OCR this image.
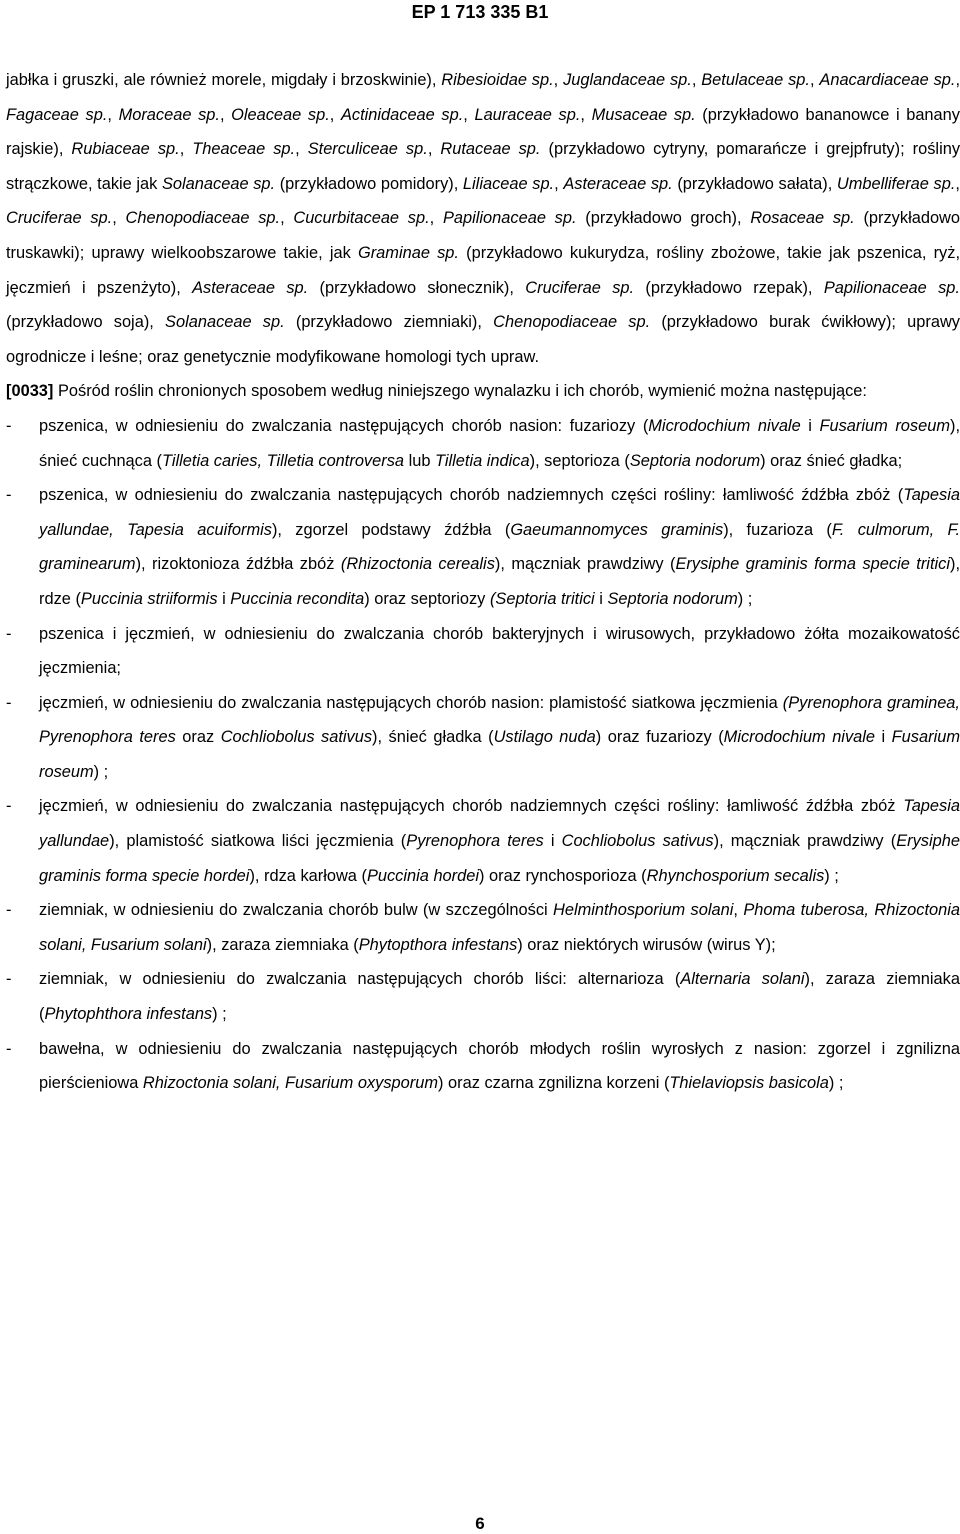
EP 1 713 335 B1

jabłka i gruszki, ale również morele, migdały i brzoskwinie), Ribesioidae sp., Juglandaceae sp., Betulaceae sp., Anacardiaceae sp., Fagaceae sp., Moraceae sp., Oleaceae sp., Actinidaceae sp., Lauraceae sp., Musaceae sp. (przykładowo bananowce i banany rajskie), Rubiaceae sp., Theaceae sp., Sterculiceae sp., Rutaceae sp. (przykładowo cytryny, pomarańcze i grejpfruty); rośliny strączkowe, takie jak Solanaceae sp. (przykładowo pomidory), Liliaceae sp., Asteraceae sp. (przykładowo sałata), Umbelliferae sp., Cruciferae sp., Chenopodiaceae sp., Cucurbitaceae sp., Papilionaceae sp. (przykładowo groch), Rosaceae sp. (przykładowo truskawki); uprawy wielkoobszarowe takie, jak Graminae sp. (przykładowo kukurydza, rośliny zbożowe, takie jak pszenica, ryż, jęczmień i pszenżyto), Asteraceae sp. (przykładowo słonecznik), Cruciferae sp. (przykładowo rzepak), Papilionaceae sp. (przykładowo soja), Solanaceae sp. (przykładowo ziemniaki), Chenopodiaceae sp. (przykładowo burak ćwikłowy); uprawy ogrodnicze i leśne; oraz genetycznie modyfikowane homologi tych upraw.

[0033] Pośród roślin chronionych sposobem według niniejszego wynalazku i ich chorób, wymienić można następujące:

-	pszenica, w odniesieniu do zwalczania następujących chorób nasion: fuzariozy (Microdochium nivale i Fusarium roseum), śnieć cuchnąca (Tilletia caries, Tilletia controversa lub Tilletia indica), septorioza (Septoria nodorum) oraz śnieć gładka;
-	pszenica, w odniesieniu do zwalczania następujących chorób nadziemnych części rośliny: łamliwość źdźbła zbóż (Tapesia yallundae, Tapesia acuiformis), zgorzel podstawy źdźbła (Gaeumannomyces graminis), fuzarioza (F. culmorum, F. graminearum), rizoktonioza źdźbła zbóż (Rhizoctonia cerealis), mączniak prawdziwy (Erysiphe graminis forma specie tritici), rdze (Puccinia striiformis i Puccinia recondita) oraz septoriozy (Septoria tritici i Septoria nodorum) ;
-	pszenica i jęczmień, w odniesieniu do zwalczania chorób bakteryjnych i wirusowych, przykładowo żółta mozaikowatość jęczmienia;
-	jęczmień, w odniesieniu do zwalczania następujących chorób nasion: plamistość siatkowa jęczmienia (Pyrenophora graminea, Pyrenophora teres oraz Cochliobolus sativus), śnieć gładka (Ustilago nuda) oraz fuzariozy (Microdochium nivale i Fusarium roseum) ;
-	jęczmień, w odniesieniu do zwalczania następujących chorób nadziemnych części rośliny: łamliwość źdźbła zbóż Tapesia yallundae), plamistość siatkowa liści jęczmienia (Pyrenophora teres i Cochliobolus sativus), mączniak prawdziwy (Erysiphe graminis forma specie hordei), rdza karłowa (Puccinia hordei) oraz rynchosporioza (Rhynchosporium secalis) ;
-	ziemniak, w odniesieniu do zwalczania chorób bulw (w szczególności Helminthosporium solani, Phoma tuberosa, Rhizoctonia solani, Fusarium solani), zaraza ziemniaka (Phytopthora infestans) oraz niektórych wirusów (wirus Y);
-	ziemniak, w odniesieniu do zwalczania następujących chorób liści: alternarioza (Alternaria solani), zaraza ziemniaka (Phytophthora infestans) ;
-	bawełna, w odniesieniu do zwalczania następujących chorób młodych roślin wyrosłych z nasion: zgorzel i zgnilizna pierścieniowa Rhizoctonia solani, Fusarium oxysporum) oraz czarna zgnilizna korzeni (Thielaviopsis basicola) ;
6
